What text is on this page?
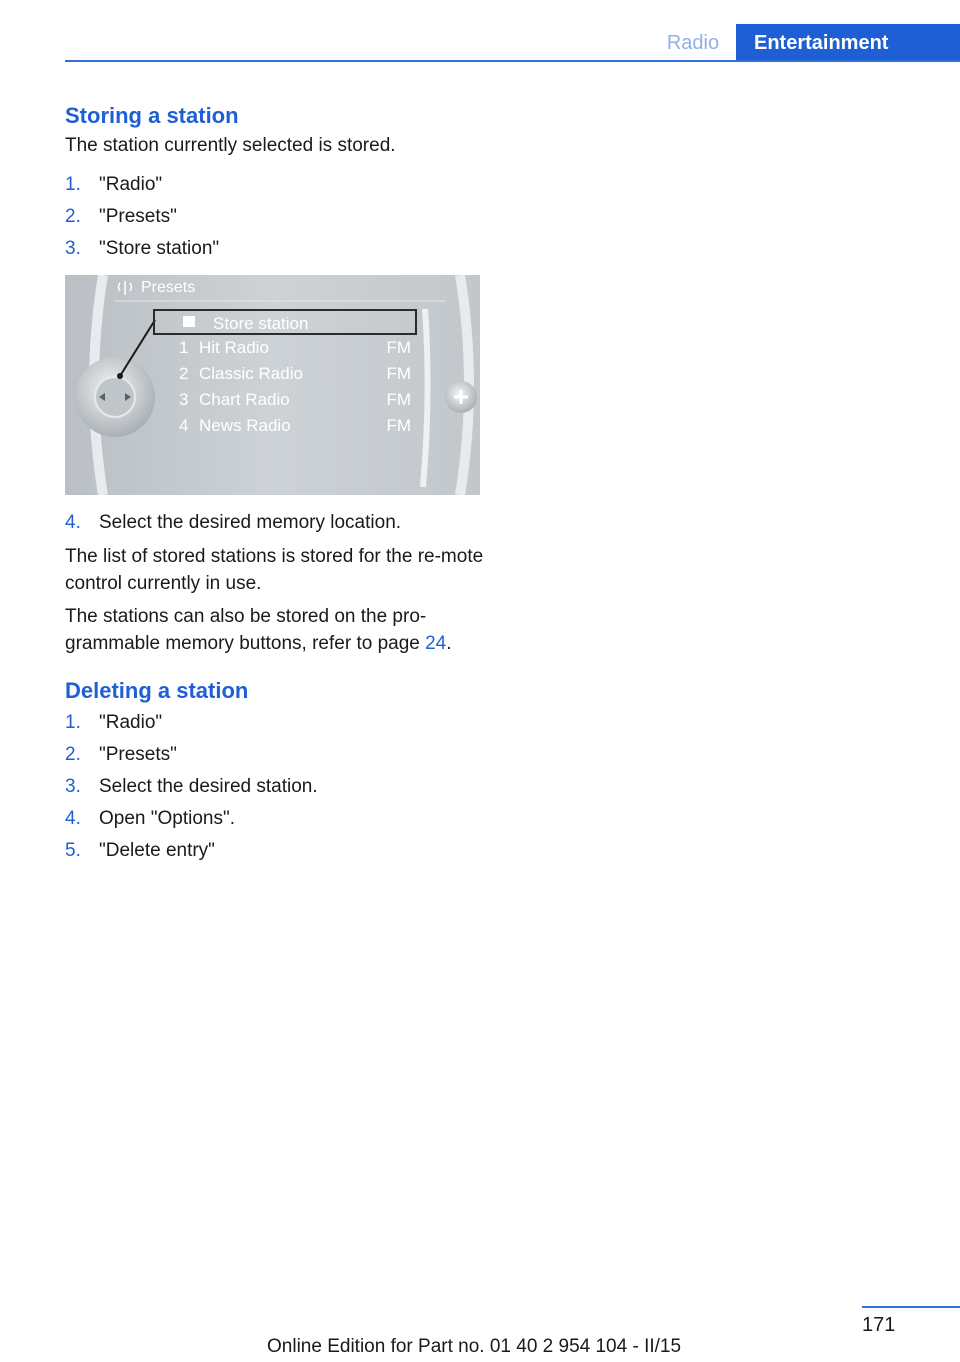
Radio	Entertainment
Storing a station

The station currently selected is stored.

1. "Radio"
2. "Presets"
3. "Store station"
Presets
Store station
1 Hit Radio	FM
2 Classic Radio	FM
3 Chart Radio	FM
4 News Radio	FM
4. Select the desired memory location.

The list of stored stations is stored for the re‐mote control currently in use.

The stations can also be stored on the pro‐grammable memory buttons, refer to page 24.

Deleting a station
1. "Radio"
2. "Presets"
3. Select the desired station.
4. Open "Options".
5. "Delete entry"
171
Online Edition for Part no. 01 40 2 954 104 - II/15
